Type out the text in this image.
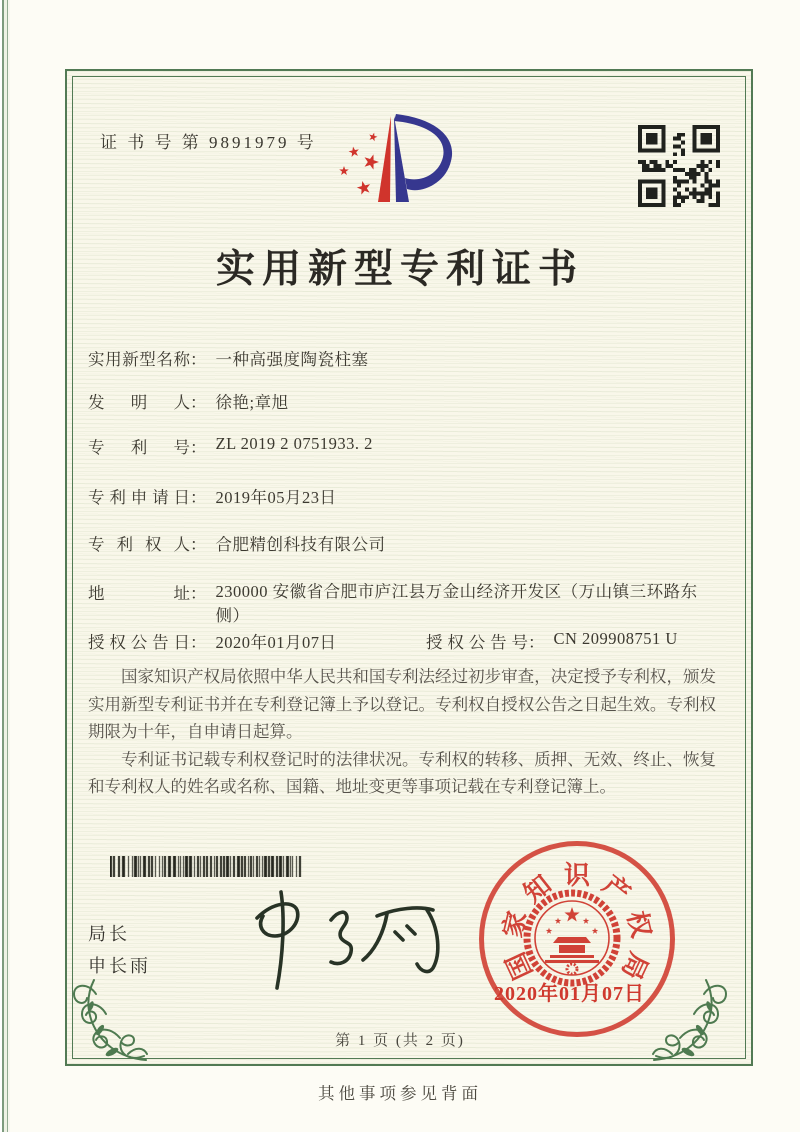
证 书 号 第 9891979 号
实用新型专利证书
实用新型名称： 一种高强度陶瓷柱塞
发明人： 徐艳;章旭
专利号： ZL 2019 2 0751933. 2
专利申请日： 2019年05月23日
专利权人： 合肥精创科技有限公司
地址： 230000 安徽省合肥市庐江县万金山经济开发区（万山镇三环路东侧）
授权公告日： 2020年01月07日	授权公告号： CN 209908751 U

国家知识产权局依照中华人民共和国专利法经过初步审查，决定授予专利权，颁发实用新型专利证书并在专利登记簿上予以登记。专利权自授权公告之日起生效。专利权期限为十年，自申请日起算。

专利证书记载专利权登记时的法律状况。专利权的转移、质押、无效、终止、恢复和专利权人的姓名或名称、国籍、地址变更等事项记载在专利登记簿上。

局长
申长雨	国
家
知 识 产
权
局
2020年01月07日
第 1 页 (共 2 页)
其他事项参见背面
